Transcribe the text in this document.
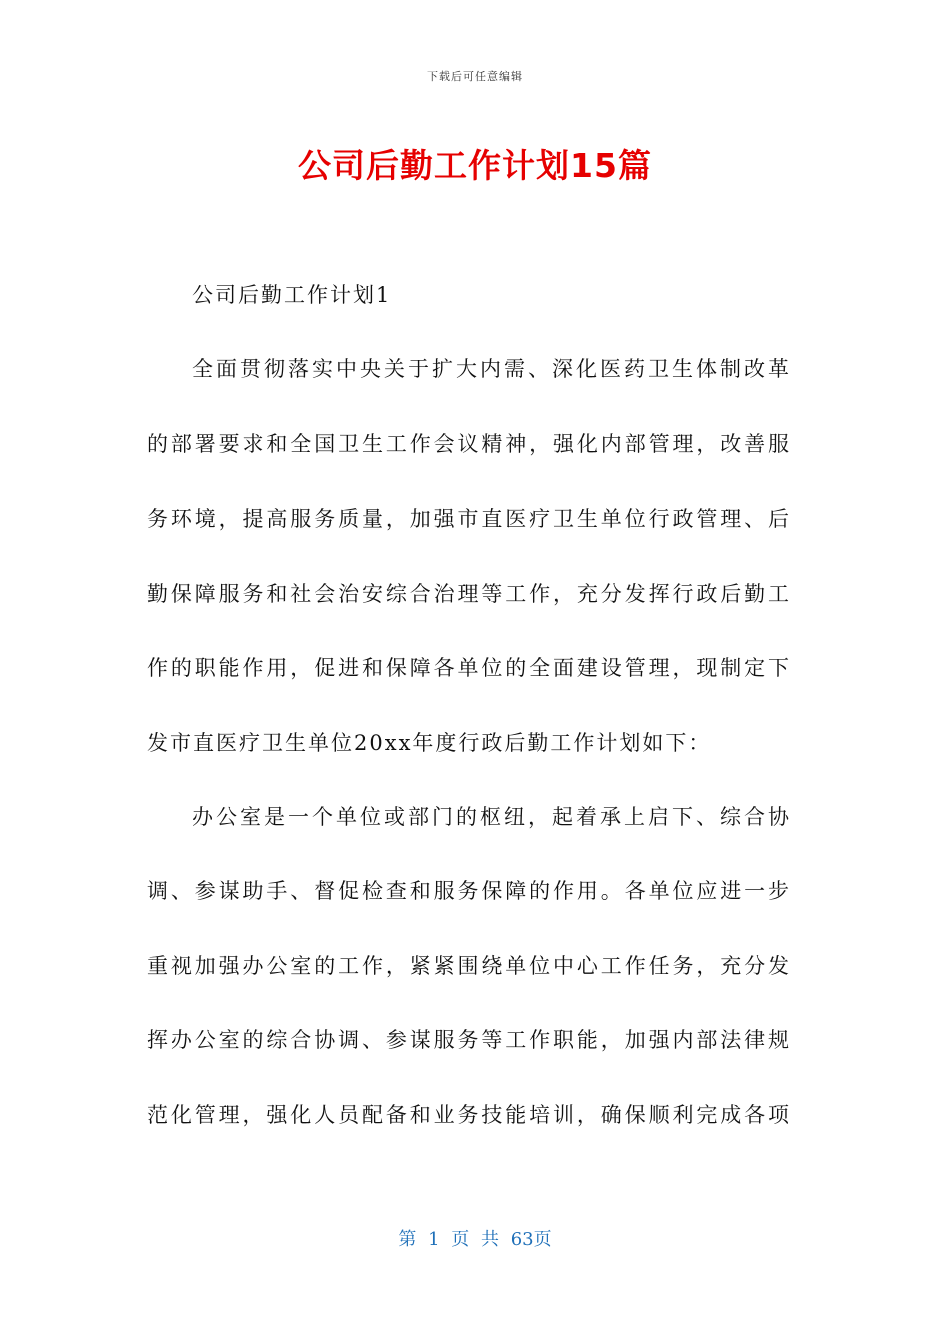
下载后可任意编辑
公司后勤工作计划15篇

公司后勤工作计划1

全面贯彻落实中央关于扩大内需、深化医药卫生体制改革

的部署要求和全国卫生工作会议精神，强化内部管理，改善服

务环境，提高服务质量，加强市直医疗卫生单位行政管理、后

勤保障服务和社会治安综合治理等工作，充分发挥行政后勤工

作的职能作用，促进和保障各单位的全面建设管理，现制定下

发市直医疗卫生单位20xx年度行政后勤工作计划如下：

办公室是一个单位或部门的枢纽，起着承上启下、综合协

调、参谋助手、督促检查和服务保障的作用。各单位应进一步

重视加强办公室的工作，紧紧围绕单位中心工作任务，充分发

挥办公室的综合协调、参谋服务等工作职能，加强内部法律规

范化管理，强化人员配备和业务技能培训，确保顺利完成各项

第 1 页 共 63页
